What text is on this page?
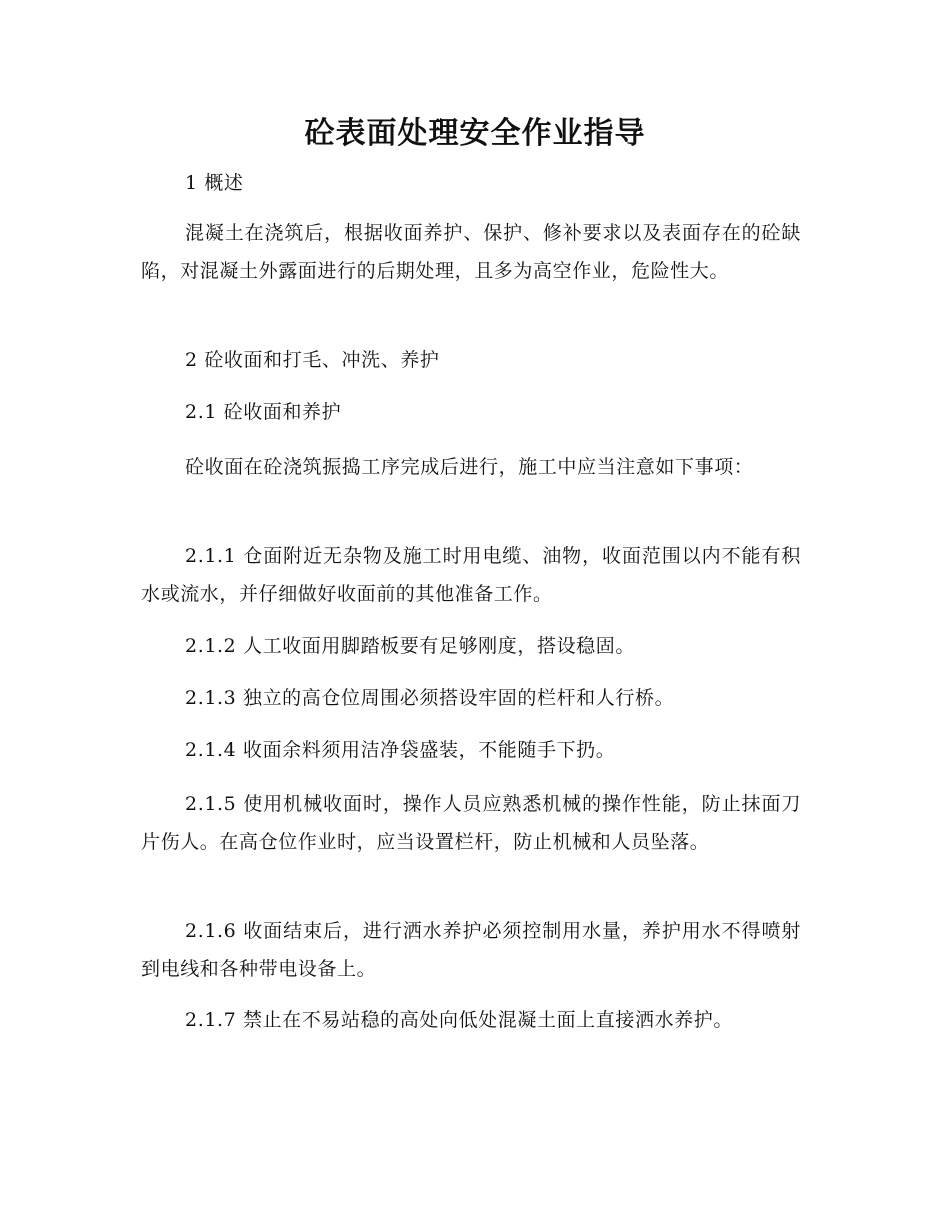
砼表面处理安全作业指导

1 概述

混凝土在浇筑后，根据收面养护、保护、修补要求以及表面存在的砼缺陷，对混凝土外露面进行的后期处理，且多为高空作业，危险性大。

2 砼收面和打毛、冲洗、养护

2.1 砼收面和养护

砼收面在砼浇筑振捣工序完成后进行，施工中应当注意如下事项：

2.1.1 仓面附近无杂物及施工时用电缆、油物，收面范围以内不能有积水或流水，并仔细做好收面前的其他准备工作。

2.1.2 人工收面用脚踏板要有足够刚度，搭设稳固。

2.1.3 独立的高仓位周围必须搭设牢固的栏杆和人行桥。

2.1.4 收面余料须用洁净袋盛装，不能随手下扔。

2.1.5 使用机械收面时，操作人员应熟悉机械的操作性能，防止抹面刀片伤人。在高仓位作业时，应当设置栏杆，防止机械和人员坠落。

2.1.6 收面结束后，进行洒水养护必须控制用水量，养护用水不得喷射到电线和各种带电设备上。

2.1.7 禁止在不易站稳的高处向低处混凝土面上直接洒水养护。
